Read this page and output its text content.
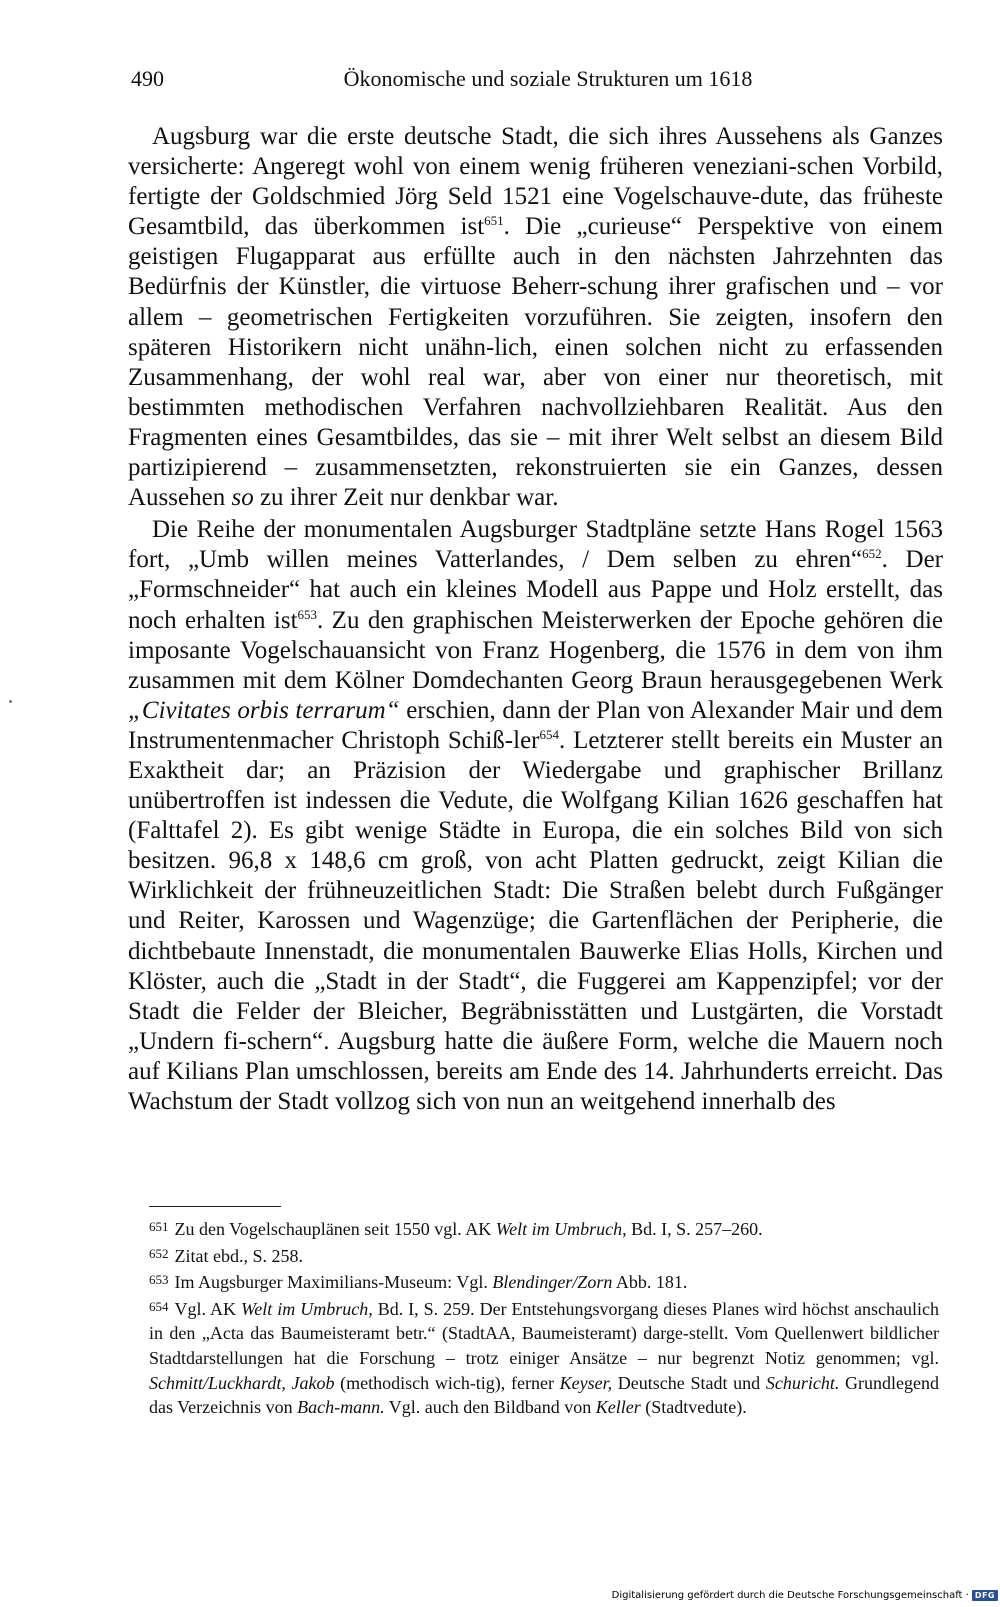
490	Ökonomische und soziale Strukturen um 1618

Augsburg war die erste deutsche Stadt, die sich ihres Aussehens als Ganzes versicherte: Angeregt wohl von einem wenig früheren veneziani-schen Vorbild, fertigte der Goldschmied Jörg Seld 1521 eine Vogelschauve-dute, das früheste Gesamtbild, das überkommen ist$^{651}$. Die „curieuse“ Perspektive von einem geistigen Flugapparat aus erfüllte auch in den nächsten Jahrzehnten das Bedürfnis der Künstler, die virtuose Beherr-schung ihrer grafischen und – vor allem – geometrischen Fertigkeiten vorzuführen. Sie zeigten, insofern den späteren Historikern nicht unähn-lich, einen solchen nicht zu erfassenden Zusammenhang, der wohl real war, aber von einer nur theoretisch, mit bestimmten methodischen Verfahren nachvollziehbaren Realität. Aus den Fragmenten eines Gesamtbildes, das sie – mit ihrer Welt selbst an diesem Bild partizipierend – zusammensetzten, rekonstruierten sie ein Ganzes, dessen Aussehen so zu ihrer Zeit nur denkbar war.

Die Reihe der monumentalen Augsburger Stadtpläne setzte Hans Rogel 1563 fort, „Umb willen meines Vatterlandes, / Dem selben zu ehren“$^{652}$. Der „Formschneider“ hat auch ein kleines Modell aus Pappe und Holz erstellt, das noch erhalten ist$^{653}$. Zu den graphischen Meisterwerken der Epoche gehören die imposante Vogelschauansicht von Franz Hogenberg, die 1576 in dem von ihm zusammen mit dem Kölner Domdechanten Georg Braun herausgegebenen Werk „Civitates orbis terrarum“ erschien, dann der Plan von Alexander Mair und dem Instrumentenmacher Christoph Schiß-ler$^{654}$. Letzterer stellt bereits ein Muster an Exaktheit dar; an Präzision der Wiedergabe und graphischer Brillanz unübertroffen ist indessen die Vedute, die Wolfgang Kilian 1626 geschaffen hat (Falttafel 2). Es gibt wenige Städte in Europa, die ein solches Bild von sich besitzen. 96,8 x 148,6 cm groß, von acht Platten gedruckt, zeigt Kilian die Wirklichkeit der frühneuzeitlichen Stadt: Die Straßen belebt durch Fußgänger und Reiter, Karossen und Wagenzüge; die Gartenflächen der Peripherie, die dichtbebaute Innenstadt, die monumentalen Bauwerke Elias Holls, Kirchen und Klöster, auch die „Stadt in der Stadt“, die Fuggerei am Kappenzipfel; vor der Stadt die Felder der Bleicher, Begräbnisstätten und Lustgärten, die Vorstadt „Undern fi-schern“. Augsburg hatte die äußere Form, welche die Mauern noch auf Kilians Plan umschlossen, bereits am Ende des 14. Jahrhunderts erreicht. Das Wachstum der Stadt vollzog sich von nun an weitgehend innerhalb des

$^{651}$ Zu den Vogelschauplänen seit 1550 vgl. AK Welt im Umbruch, Bd. I, S. 257–260.

$^{652}$ Zitat ebd., S. 258.

$^{653}$ Im Augsburger Maximilians-Museum: Vgl. Blendinger/Zorn Abb. 181.

$^{654}$ Vgl. AK Welt im Umbruch, Bd. I, S. 259. Der Entstehungsvorgang dieses Planes wird höchst anschaulich in den „Acta das Baumeisteramt betr.“ (StadtAA, Baumeisteramt) darge-stellt. Vom Quellenwert bildlicher Stadtdarstellungen hat die Forschung – trotz einiger Ansätze – nur begrenzt Notiz genommen; vgl. Schmitt/Luckhardt, Jakob (methodisch wich-tig), ferner Keyser, Deutsche Stadt und Schuricht. Grundlegend das Verzeichnis von Bach-mann. Vgl. auch den Bildband von Keller (Stadtvedute).

Digitalisierung gefördert durch die Deutsche Forschungsgemeinschaft · DFG
